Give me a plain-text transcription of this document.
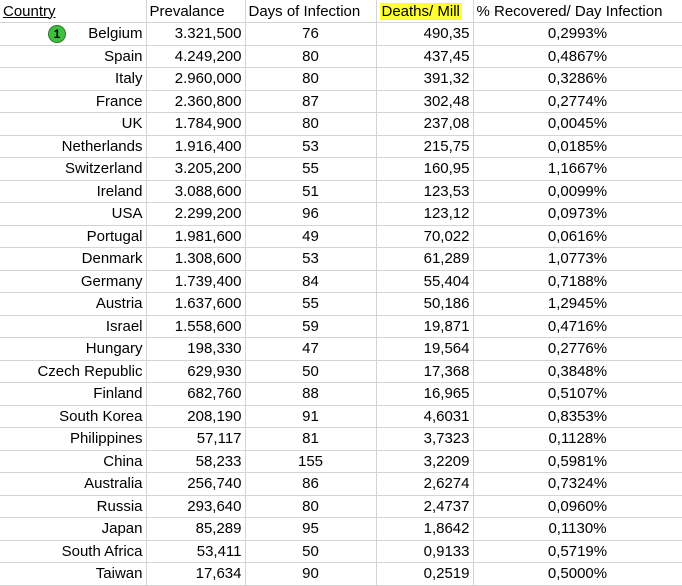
Country	Prevalance	Days of Infection	Deaths/ Mill	% Recovered/ Day Infection

1 Belgium	3.321,500	76	490,35	0,2993%
Spain	4.249,200	80	437,45	0,4867%
Italy	2.960,000	80	391,32	0,3286%
France	2.360,800	87	302,48	0,2774%
UK	1.784,900	80	237,08	0,0045%
Netherlands	1.916,400	53	215,75	0,0185%
Switzerland	3.205,200	55	160,95	1,1667%
Ireland	3.088,600	51	123,53	0,0099%
USA	2.299,200	96	123,12	0,0973%
Portugal	1.981,600	49	70,022	0,0616%
Denmark	1.308,600	53	61,289	1,0773%
Germany	1.739,400	84	55,404	0,7188%
Austria	1.637,600	55	50,186	1,2945%
Israel	1.558,600	59	19,871	0,4716%
Hungary	198,330	47	19,564	0,2776%
Czech Republic	629,930	50	17,368	0,3848%
Finland	682,760	88	16,965	0,5107%
South Korea	208,190	91	4,6031	0,8353%
Philippines	57,117	81	3,7323	0,1128%
China	58,233	155	3,2209	0,5981%
Australia	256,740	86	2,6274	0,7324%
Russia	293,640	80	2,4737	0,0960%
Japan	85,289	95	1,8642	0,1130%
South Africa	53,411	50	0,9133	0,5719%
Taiwan	17,634	90	0,2519	0,5000%
